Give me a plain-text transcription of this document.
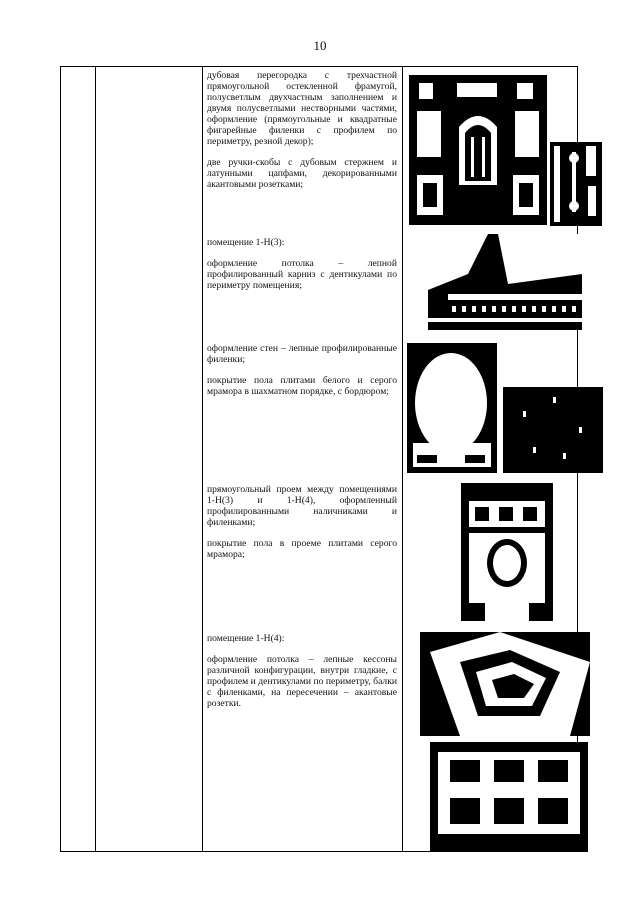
10

дубовая перегородка с трехчастной прямоугольной остекленной фрамугой, полусветлым двухчастным заполнением и двумя полусветлыми нестворными частями, оформление (прямоугольные и квадратные фигарейные филенки с профилем по периметру, резной декор);

две ручки-скобы с дубовым стержнем и латунными цапфами, декорированными акантовыми розетками;

помещение 1-Н(3):

оформление потолка – лепной профилированный карниз с дентикулами по периметру помещения;

оформление стен – лепные профилированные филенки;

покрытие пола плитами белого и серого мрамора в шахматном порядке, с бордюром;

прямоугольный проем между помещениями 1-Н(3) и 1-Н(4), оформленный профилированными наличниками и филенками;

покрытие пола в проеме плитами серого мрамора;

помещение 1-Н(4):

оформление потолка – лепные кессоны различной конфигурации, внутри гладкие, с профилем и дентикулами по периметру, балки с филенками, на пересечении – акантовые розетки.
